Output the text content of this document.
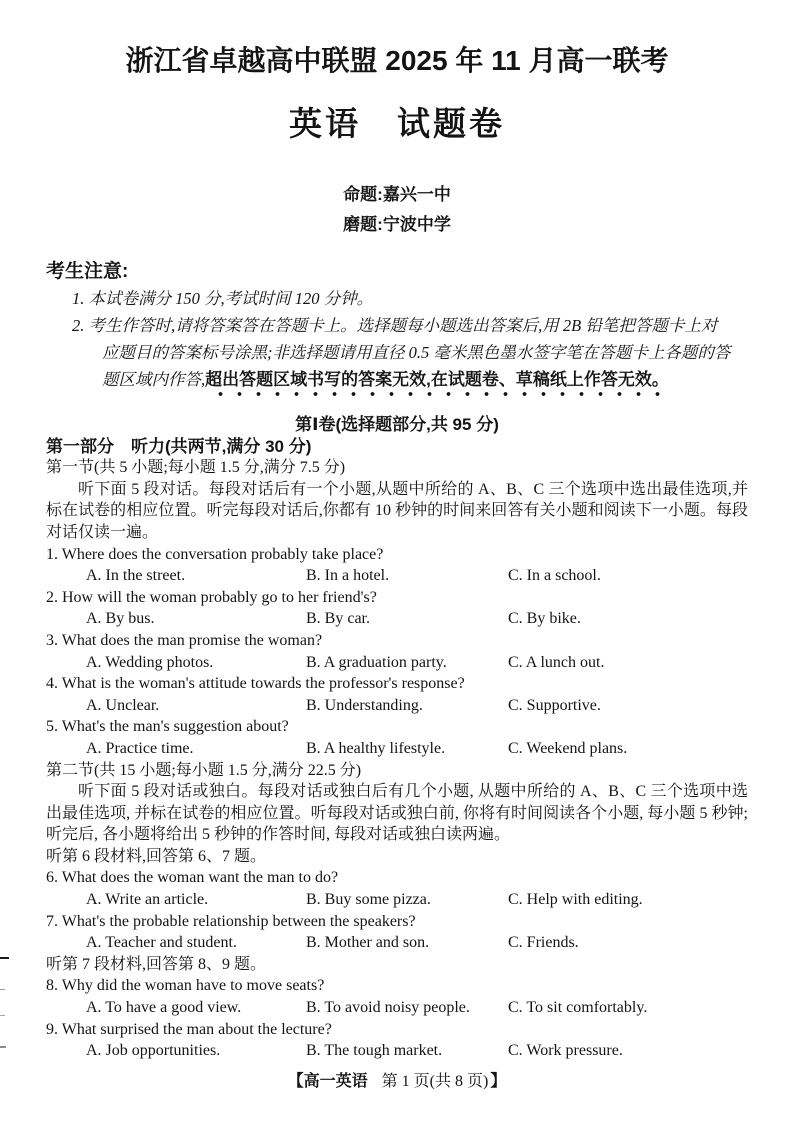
浙江省卓越高中联盟 2025 年 11 月高一联考
英语　试题卷
命题:嘉兴一中
磨题:宁波中学
考生注意:
1. 本试卷满分 150 分,考试时间 120 分钟。
2. 考生作答时,请将答案答在答题卡上。选择题每小题选出答案后,用 2B 铅笔把答题卡上对
应题目的答案标号涂黑;非选择题请用直径 0.5 毫米黑色墨水签字笔在答题卡上各题的答
题区域内作答,超出答题区域书写的答案无效,在试题卷、草稿纸上作答无效。
第Ⅰ卷(选择题部分,共 95 分)
第一部分　听力(共两节,满分 30 分)
第一节(共 5 小题;每小题 1.5 分,满分 7.5 分)
听下面 5 段对话。每段对话后有一个小题,从题中所给的 A、B、C 三个选项中选出最佳选项,并标在试卷的相应位置。听完每段对话后,你都有 10 秒钟的时间来回答有关小题和阅读下一小题。每段对话仅读一遍。
1. Where does the conversation probably take place?
A. In the street.	B. In a hotel.	C. In a school.
2. How will the woman probably go to her friend's?
A. By bus.	B. By car.	C. By bike.
3. What does the man promise the woman?
A. Wedding photos.	B. A graduation party.	C. A lunch out.
4. What is the woman's attitude towards the professor's response?
A. Unclear.	B. Understanding.	C. Supportive.
5. What's the man's suggestion about?
A. Practice time.	B. A healthy lifestyle.	C. Weekend plans.
第二节(共 15 小题;每小题 1.5 分,满分 22.5 分)
听下面 5 段对话或独白。每段对话或独白后有几个小题, 从题中所给的 A、B、C 三个选项中选出最佳选项, 并标在试卷的相应位置。听每段对话或独白前, 你将有时间阅读各个小题, 每小题 5 秒钟;听完后, 各小题将给出 5 秒钟的作答时间, 每段对话或独白读两遍。
听第 6 段材料,回答第 6、7 题。
6. What does the woman want the man to do?
A. Write an article.	B. Buy some pizza.	C. Help with editing.
7. What's the probable relationship between the speakers?
A. Teacher and student.	B. Mother and son.	C. Friends.
听第 7 段材料,回答第 8、9 题。
8. Why did the woman have to move seats?
A. To have a good view.	B. To avoid noisy people.	C. To sit comfortably.
9. What surprised the man about the lecture?
A. Job opportunities.	B. The tough market.	C. Work pressure.
【高一英语 第 1 页(共 8 页) 】
